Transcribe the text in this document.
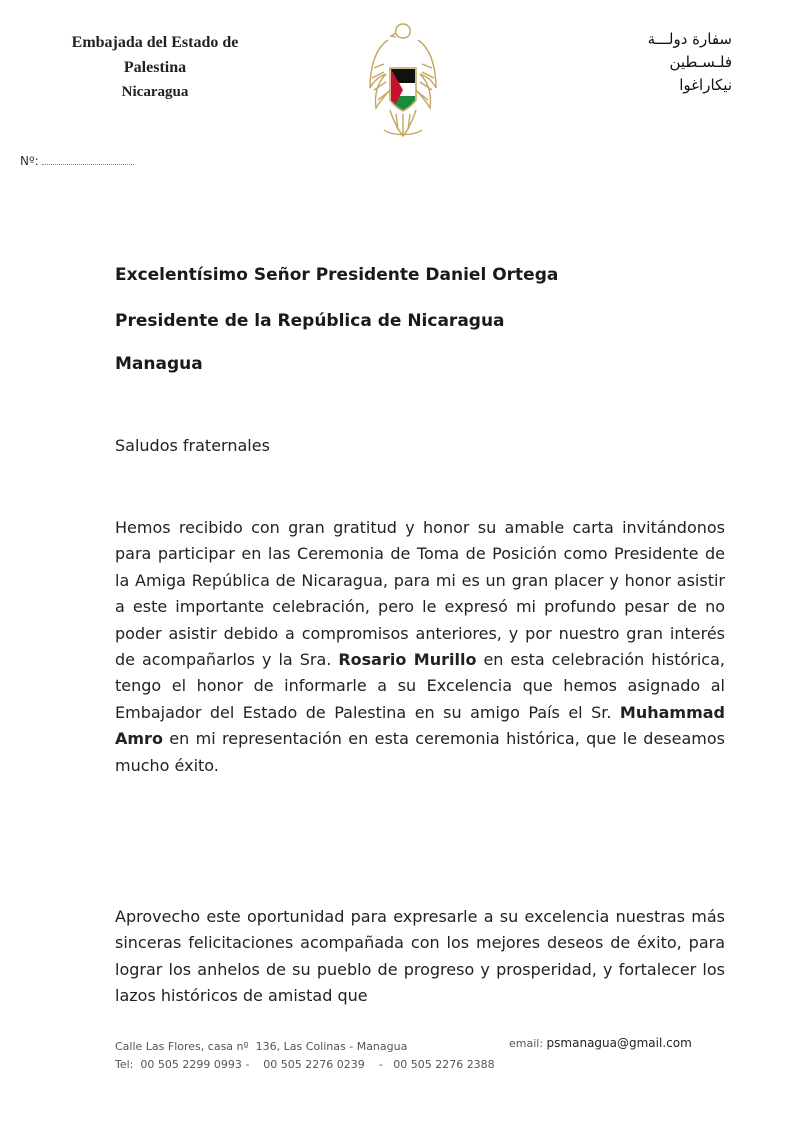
Embajada del Estado de
Palestina
Nicaragua
سفارة دولـــة
فلـسـطين
نيكاراغوا
Nº:
Excelentísimo Señor Presidente Daniel Ortega
Presidente de la República de Nicaragua
Managua
Saludos fraternales
Hemos recibido con gran gratitud y honor su amable carta invitándonos para participar en las Ceremonia de Toma de Posición como Presidente de la Amiga República de Nicaragua, para mi es un gran placer y honor asistir a este importante celebración, pero le expresó mi profundo pesar de no poder asistir debido a compromisos anteriores, y por nuestro gran interés de acompañarlos y la Sra. Rosario Murillo en esta celebración histórica, tengo el honor de informarle a su Excelencia que hemos asignado al Embajador del Estado de Palestina en su amigo País el Sr. Muhammad Amro en mi representación en esta ceremonia histórica, que le deseamos mucho éxito.
Aprovecho este oportunidad para expresarle a su excelencia nuestras más sinceras felicitaciones acompañada con los mejores deseos de éxito, para lograr los anhelos de su pueblo de progreso y prosperidad, y fortalecer los lazos históricos de amistad que
Calle Las Flores, casa nº  136, Las Colinas - Managua	email: psmanagua@gmail.com
Tel:  00 505 2299 0993 -    00 505 2276 0239    -   00 505 2276 2388
